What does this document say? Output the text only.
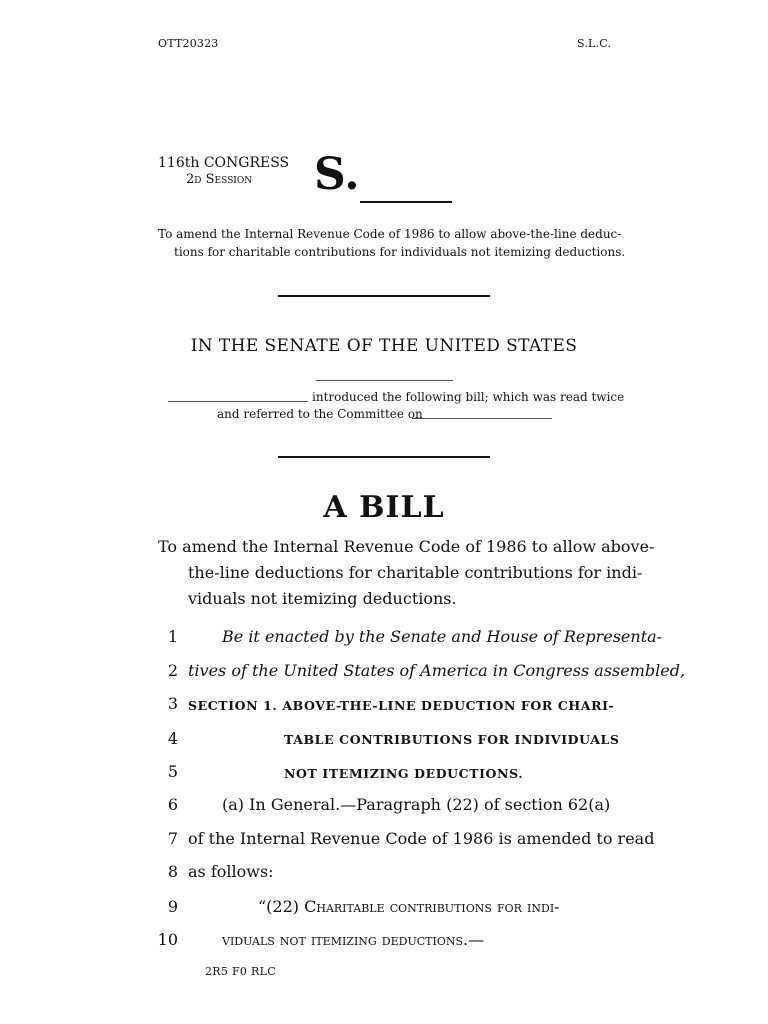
OTT20323	S.L.C.
116th CONGRESS
2d Session S.
To amend the Internal Revenue Code of 1986 to allow above-the-line deduc-
tions for charitable contributions for individuals not itemizing deductions.
IN THE SENATE OF THE UNITED STATES
introduced the following bill; which was read twice
and referred to the Committee on
A BILL
To amend the Internal Revenue Code of 1986 to allow above-
the-line deductions for charitable contributions for indi-
viduals not itemizing deductions.
1
2
3
4
5
6
7
8
9
10
Be it enacted by the Senate and House of Representa-
tives of the United States of America in Congress assembled,
SECTION 1. ABOVE-THE-LINE DEDUCTION FOR CHARI-
TABLE CONTRIBUTIONS FOR INDIVIDUALS
NOT ITEMIZING DEDUCTIONS.
(a) In General.—Paragraph (22) of section 62(a)
of the Internal Revenue Code of 1986 is amended to read
as follows:
“(22) Charitable contributions for indi-
viduals not itemizing deductions.—
2R5 F0 RLC
